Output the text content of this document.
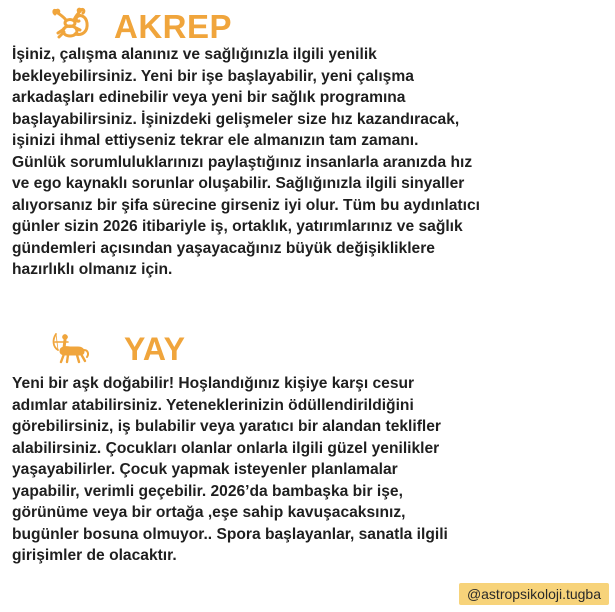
AKREP

İşiniz, çalışma alanınız ve sağlığınızla ilgili yenilik
bekleyebilirsiniz. Yeni bir işe başlayabilir, yeni çalışma
arkadaşları edinebilir veya yeni bir sağlık programına
başlayabilirsiniz. İşinizdeki gelişmeler size hız kazandıracak,
işinizi ihmal ettiyseniz tekrar ele almanızın tam zamanı.
Günlük sorumluluklarınızı paylaştığınız insanlarla aranızda hız
ve ego kaynaklı sorunlar oluşabilir. Sağlığınızla ilgili sinyaller
alıyorsanız bir şifa sürecine girseniz iyi olur. Tüm bu aydınlatıcı
günler sizin 2026 itibariyle iş, ortaklık, yatırımlarınız ve sağlık
gündemleri açısından yaşayacağınız büyük değişikliklere
hazırlıklı olmanız için.

YAY

Yeni bir aşk doğabilir! Hoşlandığınız kişiye karşı cesur
adımlar atabilirsiniz. Yeteneklerinizin ödüllendirildiğini
görebilirsiniz, iş bulabilir veya yaratıcı bir alandan teklifler
alabilirsiniz. Çocukları olanlar onlarla ilgili güzel yenilikler
yaşayabilirler. Çocuk yapmak isteyenler planlamalar
yapabilir, verimli geçebilir. 2026’da bambaşka bir işe,
görünüme veya bir ortağa ,eşe sahip kavuşacaksınız,
bugünler bosuna olmuyor.. Spora başlayanlar, sanatla ilgili
girişimler de olacaktır.

@astropsikoloji.tugba
